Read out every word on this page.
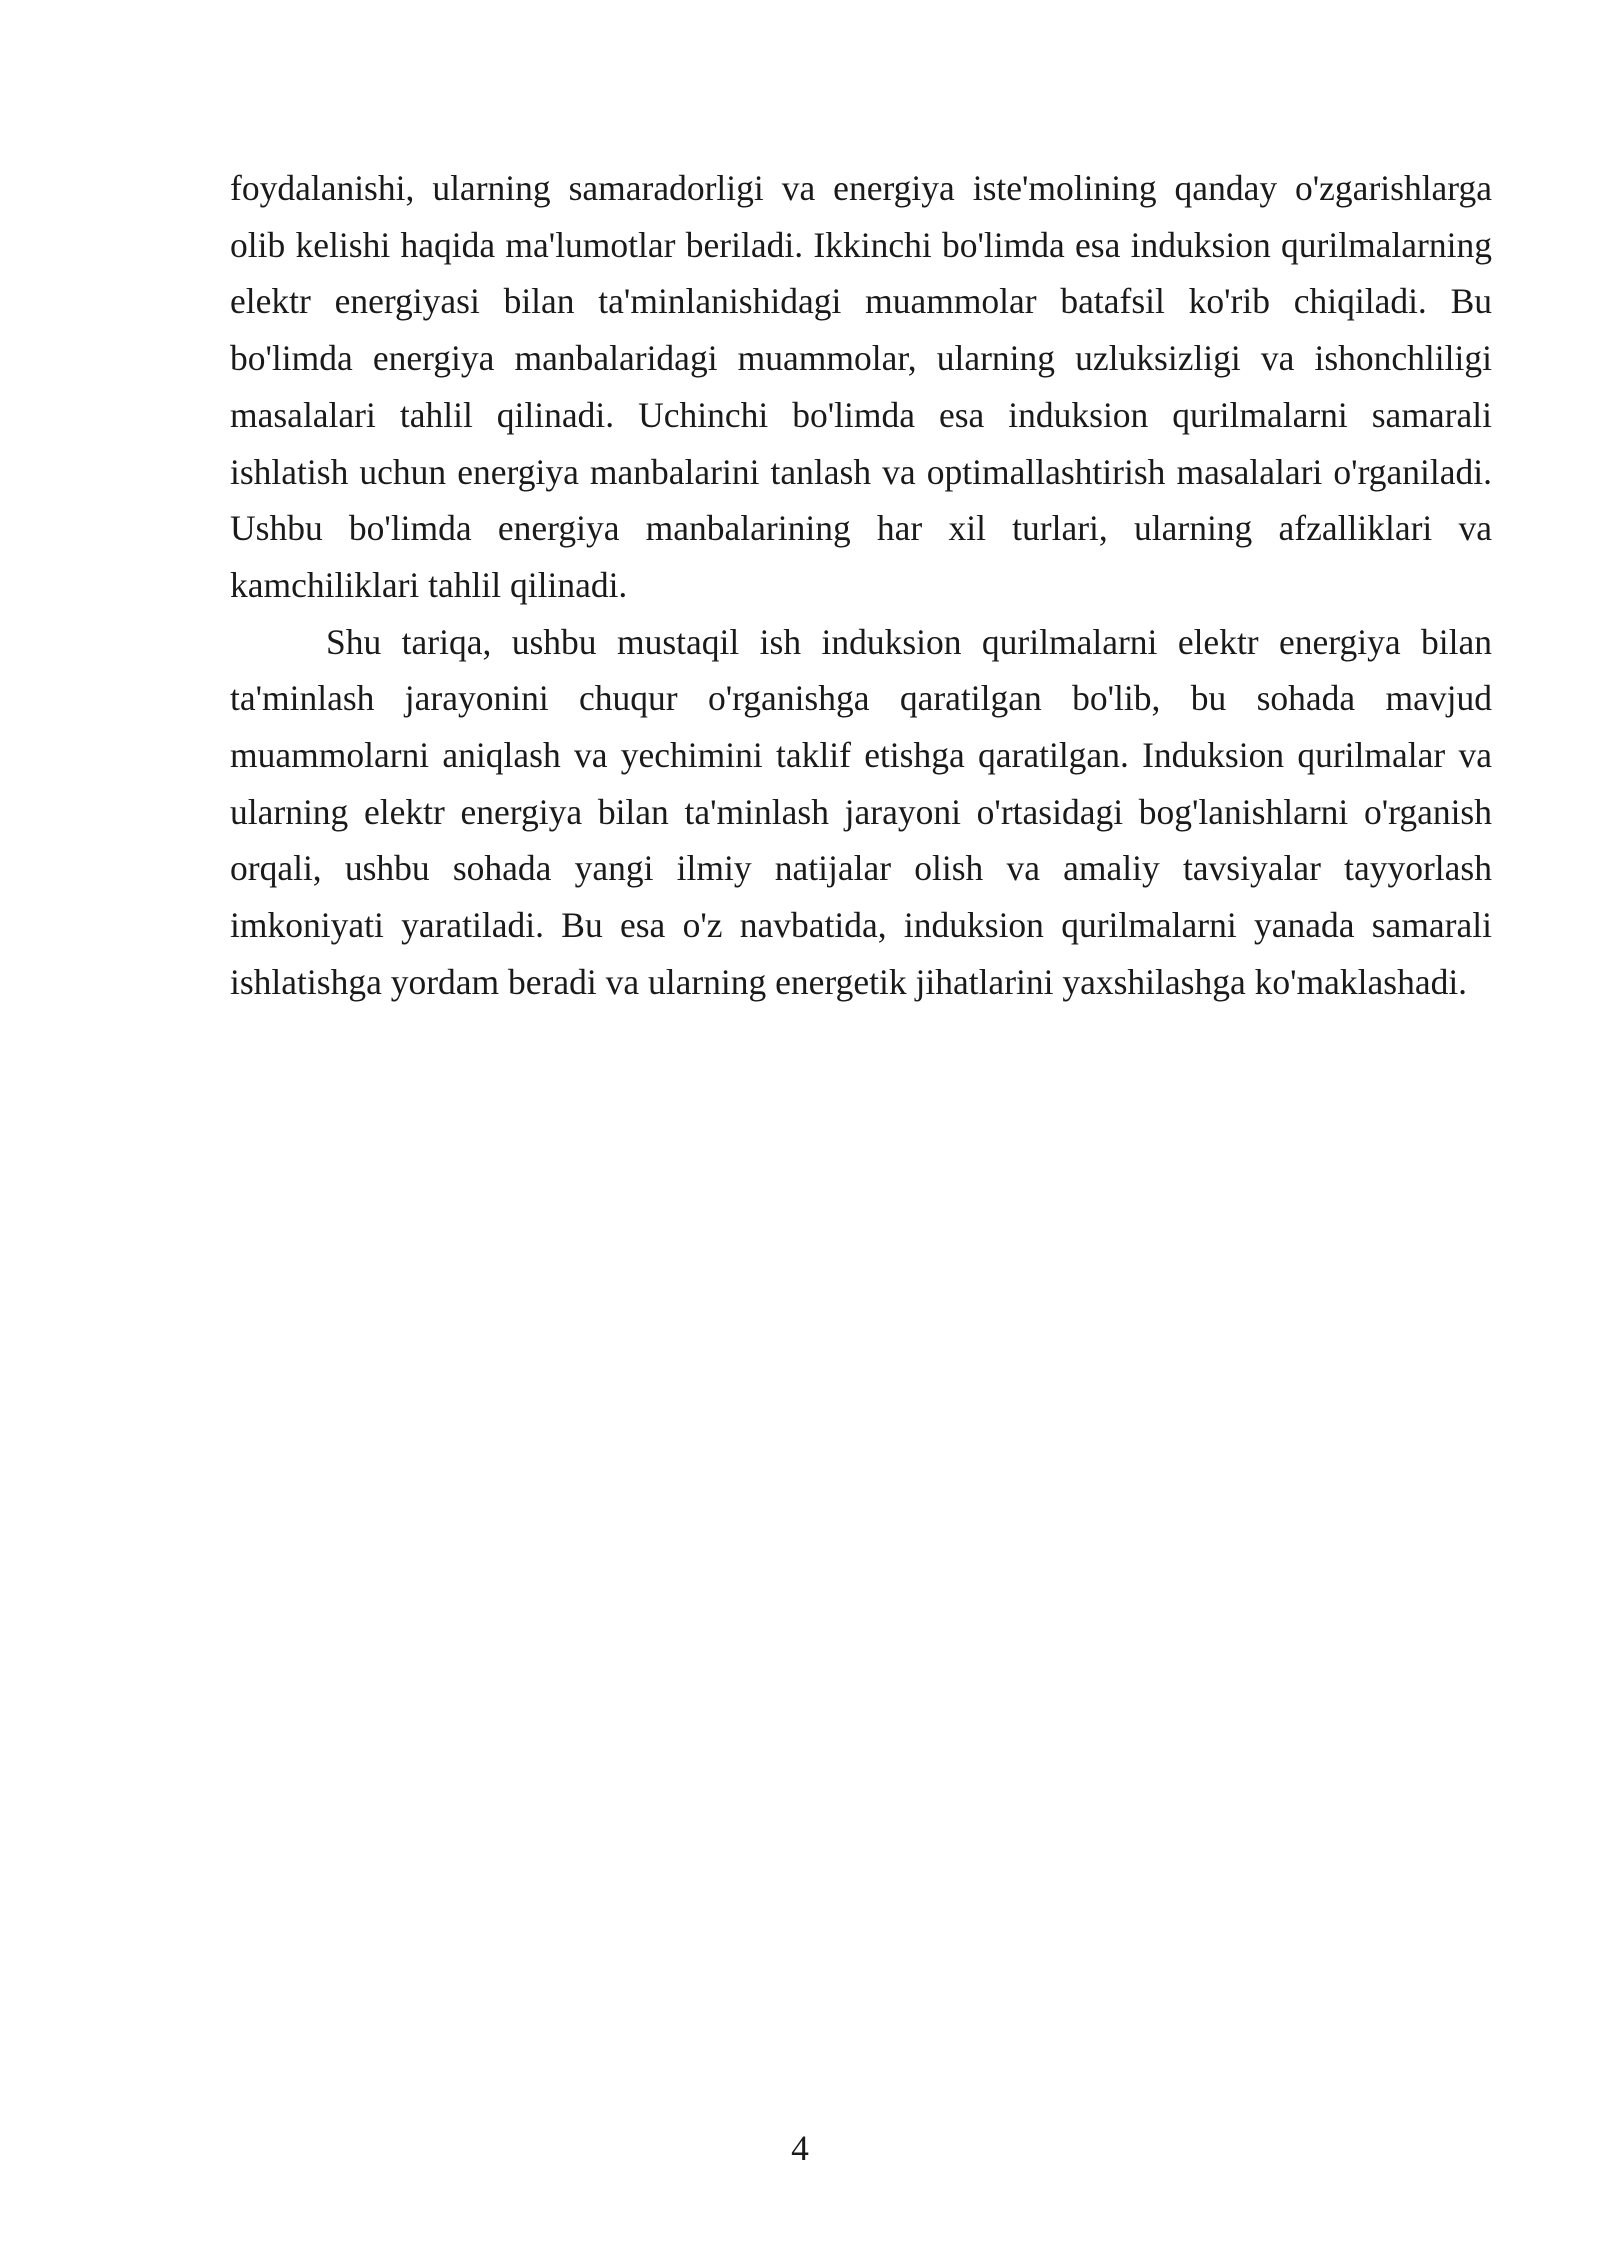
foydalanishi, ularning samaradorligi va energiya iste'molining qanday o'zgarishlarga olib kelishi haqida ma'lumotlar beriladi. Ikkinchi bo'limda esa induksion qurilmalarning elektr energiyasi bilan ta'minlanishidagi muammolar batafsil ko'rib chiqiladi. Bu bo'limda energiya manbalaridagi muammolar, ularning uzluksizligi va ishonchliligi masalalari tahlil qilinadi. Uchinchi bo'limda esa induksion qurilmalarni samarali ishlatish uchun energiya manbalarini tanlash va optimallashtirish masalalari o'rganiladi. Ushbu bo'limda energiya manbalarining har xil turlari, ularning afzalliklari va kamchiliklari tahlil qilinadi.

Shu tariqa, ushbu mustaqil ish induksion qurilmalarni elektr energiya bilan ta'minlash jarayonini chuqur o'rganishga qaratilgan bo'lib, bu sohada mavjud muammolarni aniqlash va yechimini taklif etishga qaratilgan. Induksion qurilmalar va ularning elektr energiya bilan ta'minlash jarayoni o'rtasidagi bog'lanishlarni o'rganish orqali, ushbu sohada yangi ilmiy natijalar olish va amaliy tavsiyalar tayyorlash imkoniyati yaratiladi. Bu esa o'z navbatida, induksion qurilmalarni yanada samarali ishlatishga yordam beradi va ularning energetik jihatlarini yaxshilashga ko'maklashadi.

4
